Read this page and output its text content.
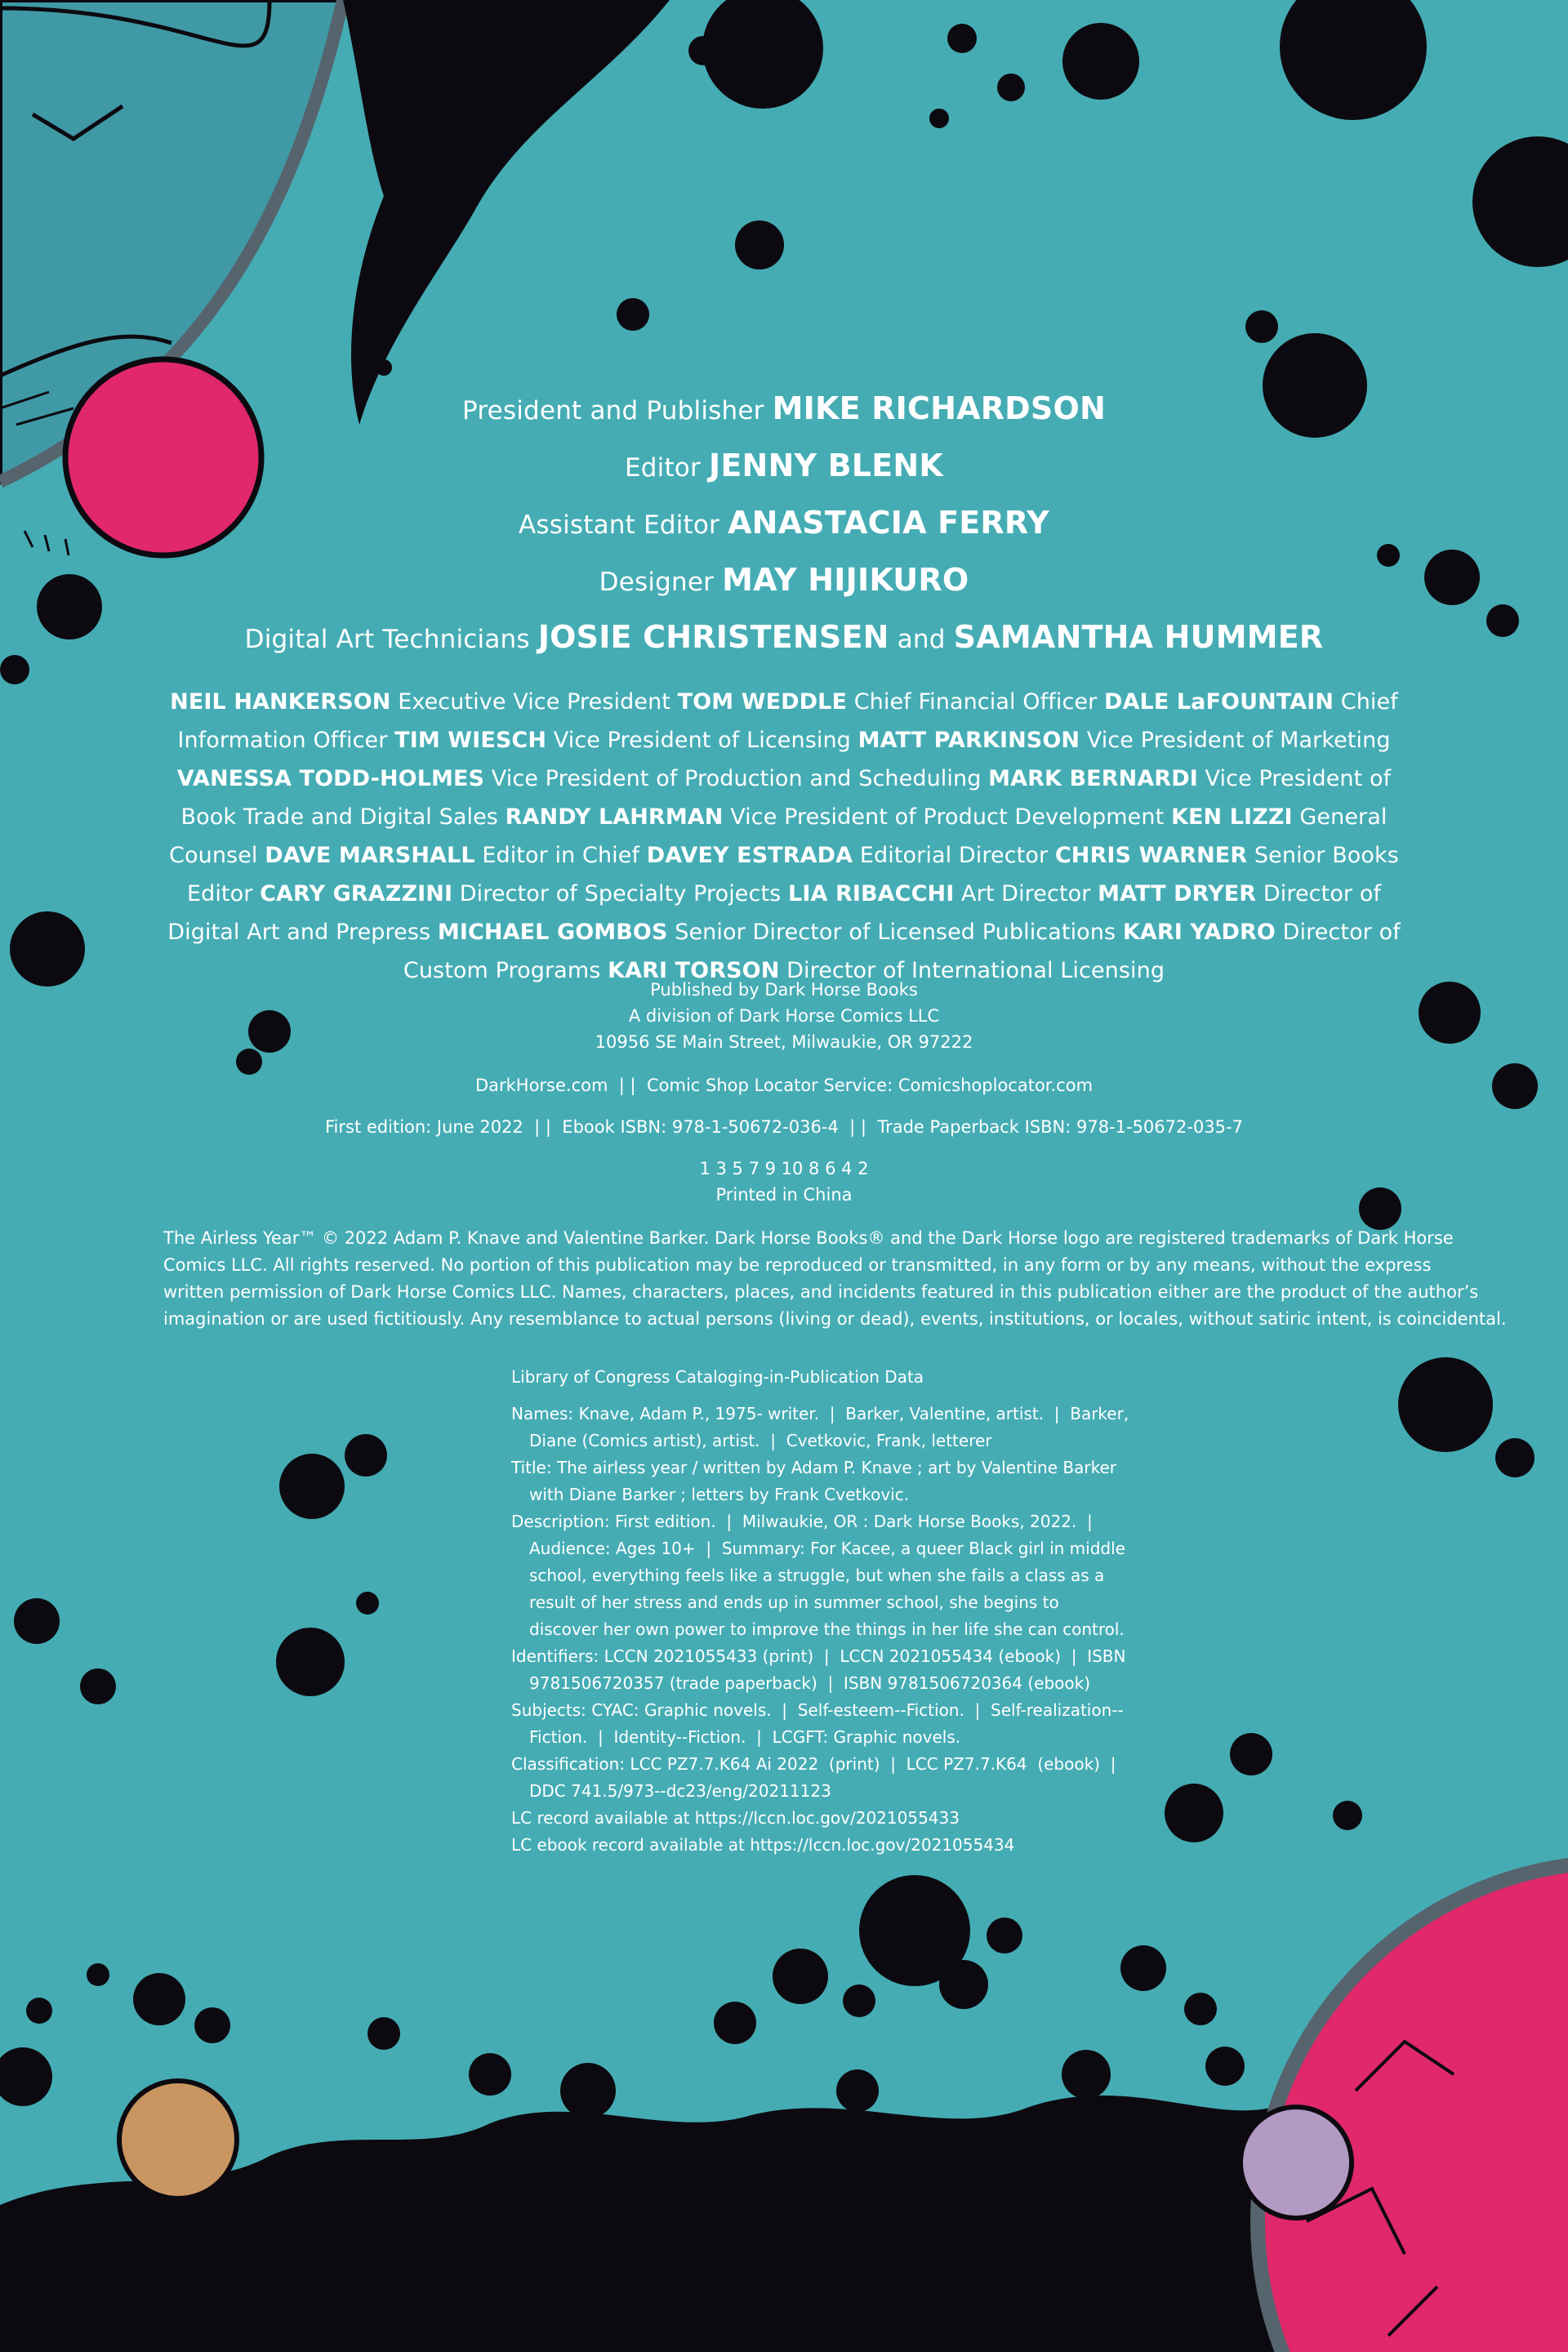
President and Publisher MIKE RICHARDSON
Editor JENNY BLENK
Assistant Editor ANASTACIA FERRY
Designer MAY HIJIKURO
Digital Art Technicians JOSIE CHRISTENSEN and SAMANTHA HUMMER
NEIL HANKERSON Executive Vice President TOM WEDDLE Chief Financial Officer DALE LaFOUNTAIN Chief Information Officer TIM WIESCH Vice President of Licensing MATT PARKINSON Vice President of Marketing VANESSA TODD-HOLMES Vice President of Production and Scheduling MARK BERNARDI Vice President of Book Trade and Digital Sales RANDY LAHRMAN Vice President of Product Development KEN LIZZI General Counsel DAVE MARSHALL Editor in Chief DAVEY ESTRADA Editorial Director CHRIS WARNER Senior Books Editor CARY GRAZZINI Director of Specialty Projects LIA RIBACCHI Art Director MATT DRYER Director of Digital Art and Prepress MICHAEL GOMBOS Senior Director of Licensed Publications KARI YADRO Director of Custom Programs KARI TORSON Director of International Licensing
Published by Dark Horse Books
A division of Dark Horse Comics LLC
10956 SE Main Street, Milwaukie, OR 97222
DarkHorse.com  | |  Comic Shop Locator Service: Comicshoplocator.com
First edition: June 2022  | |  Ebook ISBN: 978-1-50672-036-4  | |  Trade Paperback ISBN: 978-1-50672-035-7
1 3 5 7 9 10 8 6 4 2
Printed in China
The Airless Year™ © 2022 Adam P. Knave and Valentine Barker. Dark Horse Books® and the Dark Horse logo are registered trademarks of Dark Horse
Comics LLC. All rights reserved. No portion of this publication may be reproduced or transmitted, in any form or by any means, without the express
written permission of Dark Horse Comics LLC. Names, characters, places, and incidents featured in this publication either are the product of the author’s
imagination or are used fictitiously. Any resemblance to actual persons (living or dead), events, institutions, or locales, without satiric intent, is coincidental.
Library of Congress Cataloging-in-Publication Data
Names: Knave, Adam P., 1975- writer.  |  Barker, Valentine, artist.  |  Barker, Diane (Comics artist), artist.  |  Cvetkovic, Frank, letterer
Title: The airless year / written by Adam P. Knave ; art by Valentine Barker with Diane Barker ; letters by Frank Cvetkovic.
Description: First edition.  |  Milwaukie, OR : Dark Horse Books, 2022.  |  Audience: Ages 10+  |  Summary: For Kacee, a queer Black girl in middle school, everything feels like a struggle, but when she fails a class as a result of her stress and ends up in summer school, she begins to discover her own power to improve the things in her life she can control.
Identifiers: LCCN 2021055433 (print)  |  LCCN 2021055434 (ebook)  |  ISBN 9781506720357 (trade paperback)  |  ISBN 9781506720364 (ebook)
Subjects: CYAC: Graphic novels.  |  Self-esteem--Fiction.  |  Self-realization--Fiction.  |  Identity--Fiction.  |  LCGFT: Graphic novels.
Classification: LCC PZ7.7.K64 Ai 2022  (print)  |  LCC PZ7.7.K64  (ebook)  |  DDC 741.5/973--dc23/eng/20211123
LC record available at https://lccn.loc.gov/2021055433
LC ebook record available at https://lccn.loc.gov/2021055434
